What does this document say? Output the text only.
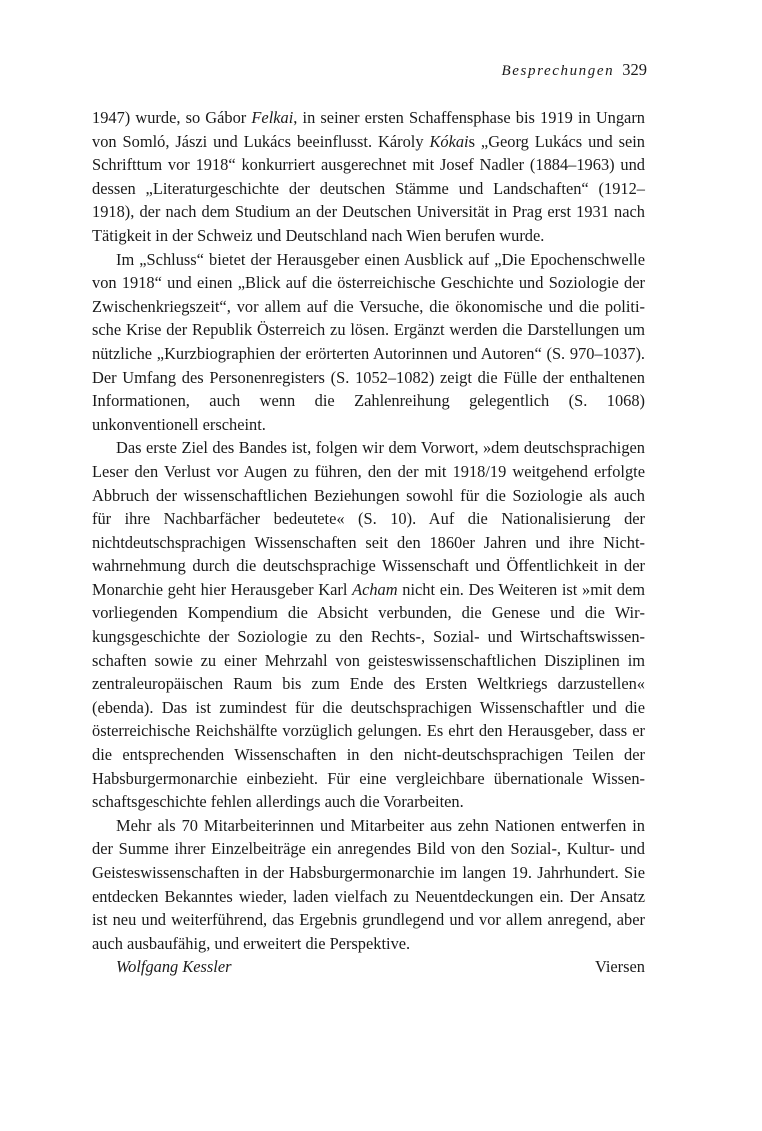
Besprechungen 329

1947) wurde, so Gábor Felkai, in seiner ersten Schaffensphase bis 1919 in Ungarn von Somló, Jászi und Lukács beeinflusst. Károly Kókais „Georg Lukács und sein Schrifttum vor 1918“ konkurriert ausgerechnet mit Josef Nadler (1884–1963) und dessen „Literaturgeschichte der deutschen Stämme und Landschaften“ (1912–1918), der nach dem Studium an der Deutschen Universität in Prag erst 1931 nach Tätigkeit in der Schweiz und Deutschland nach Wien berufen wurde.

Im „Schluss“ bietet der Herausgeber einen Ausblick auf „Die Epochenschwelle von 1918“ und einen „Blick auf die österreichische Geschichte und Soziologie der Zwischenkriegszeit“, vor allem auf die Versuche, die ökonomische und die politische Krise der Republik Österreich zu lösen. Ergänzt werden die Darstellungen um nützliche „Kurzbiographien der erörterten Autorinnen und Autoren“ (S. 970–1037). Der Umfang des Personenregisters (S. 1052–1082) zeigt die Fülle der enthaltenen Informationen, auch wenn die Zahlenreihung gelegentlich (S. 1068) unkonventionell erscheint.

Das erste Ziel des Bandes ist, folgen wir dem Vorwort, »dem deutschsprachigen Leser den Verlust vor Augen zu führen, den der mit 1918/19 weitgehend erfolgte Abbruch der wissenschaftlichen Beziehungen sowohl für die Soziologie als auch für ihre Nachbarfächer bedeutete« (S. 10). Auf die Nationalisierung der nichtdeutschsprachigen Wissenschaften seit den 1860er Jahren und ihre Nichtwahrnehmung durch die deutschsprachige Wissenschaft und Öffentlichkeit in der Monarchie geht hier Herausgeber Karl Acham nicht ein. Des Weiteren ist »mit dem vorliegenden Kompendium die Absicht verbunden, die Genese und die Wirkungsgeschichte der Soziologie zu den Rechts-, Sozial- und Wirtschaftswissenschaften sowie zu einer Mehrzahl von geisteswissenschaftlichen Disziplinen im zentraleuropäischen Raum bis zum Ende des Ersten Weltkriegs darzustellen« (ebenda). Das ist zumindest für die deutschsprachigen Wissenschaftler und die österreichische Reichshälfte vorzüglich gelungen. Es ehrt den Herausgeber, dass er die entsprechenden Wissenschaften in den nicht-deutschsprachigen Teilen der Habsburgermonarchie einbezieht. Für eine vergleichbare übernationale Wissenschaftsgeschichte fehlen allerdings auch die Vorarbeiten.

Mehr als 70 Mitarbeiterinnen und Mitarbeiter aus zehn Nationen entwerfen in der Summe ihrer Einzelbeiträge ein anregendes Bild von den Sozial-, Kultur- und Geisteswissenschaften in der Habsburgermonarchie im langen 19. Jahrhundert. Sie entdecken Bekanntes wieder, laden vielfach zu Neuentdeckungen ein. Der Ansatz ist neu und weiterführend, das Ergebnis grundlegend und vor allem anregend, aber auch ausbaufähig, und erweitert die Perspektive.

Wolfgang Kessler	Viersen
